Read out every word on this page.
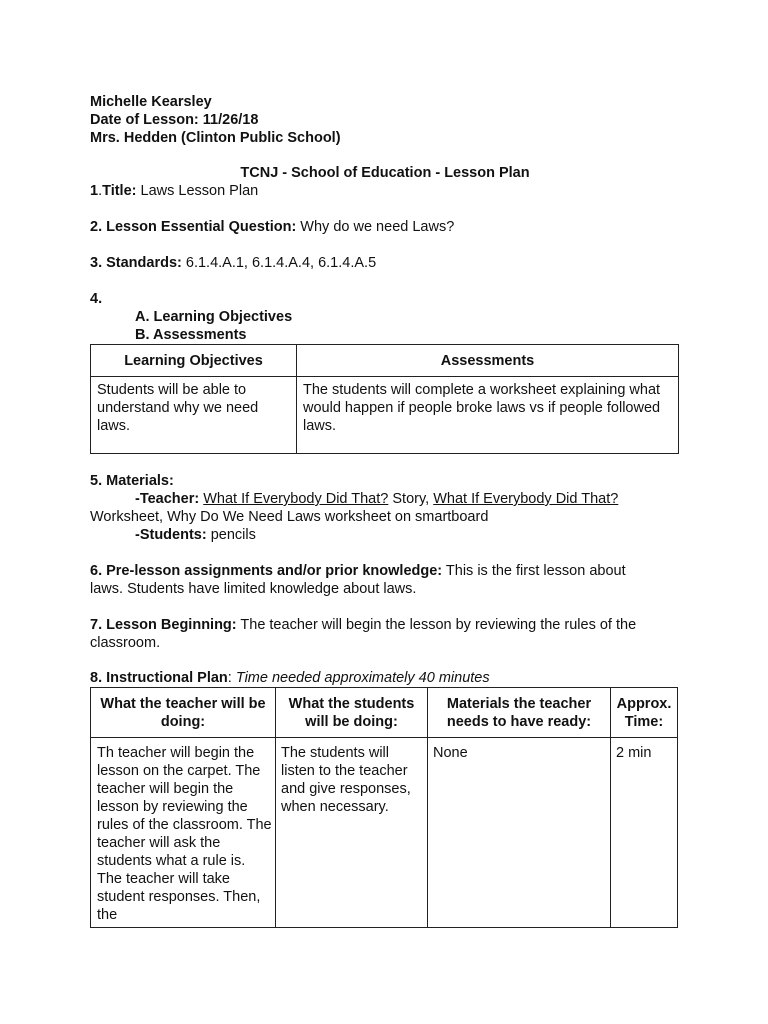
Michelle Kearsley
Date of Lesson: 11/26/18
Mrs. Hedden (Clinton Public School)
TCNJ - School of Education - Lesson Plan
1.Title: Laws Lesson Plan
2. Lesson Essential Question: Why do we need Laws?
3. Standards: 6.1.4.A.1, 6.1.4.A.4, 6.1.4.A.5
4.
A. Learning Objectives
B. Assessments
Learning Objectives	Assessments
Students will be able to understand why we need laws.	The students will complete a worksheet explaining what would happen if people broke laws vs if people followed laws.
5. Materials:
-Teacher: What If Everybody Did That? Story, What If Everybody Did That?
Worksheet, Why Do We Need Laws worksheet on smartboard
-Students: pencils
6. Pre-lesson assignments and/or prior knowledge: This is the first lesson about laws. Students have limited knowledge about laws.
7. Lesson Beginning: The teacher will begin the lesson by reviewing the rules of the classroom.
8. Instructional Plan: Time needed approximately 40 minutes
What the teacher will be doing:	What the students will be doing:	Materials the teacher needs to have ready:	Approx. Time:
Th teacher will begin the lesson on the carpet. The teacher will begin the lesson by reviewing the rules of the classroom. The teacher will ask the students what a rule is. The teacher will take student responses. Then, the	The students will listen to the teacher and give responses, when necessary.	None	2 min
